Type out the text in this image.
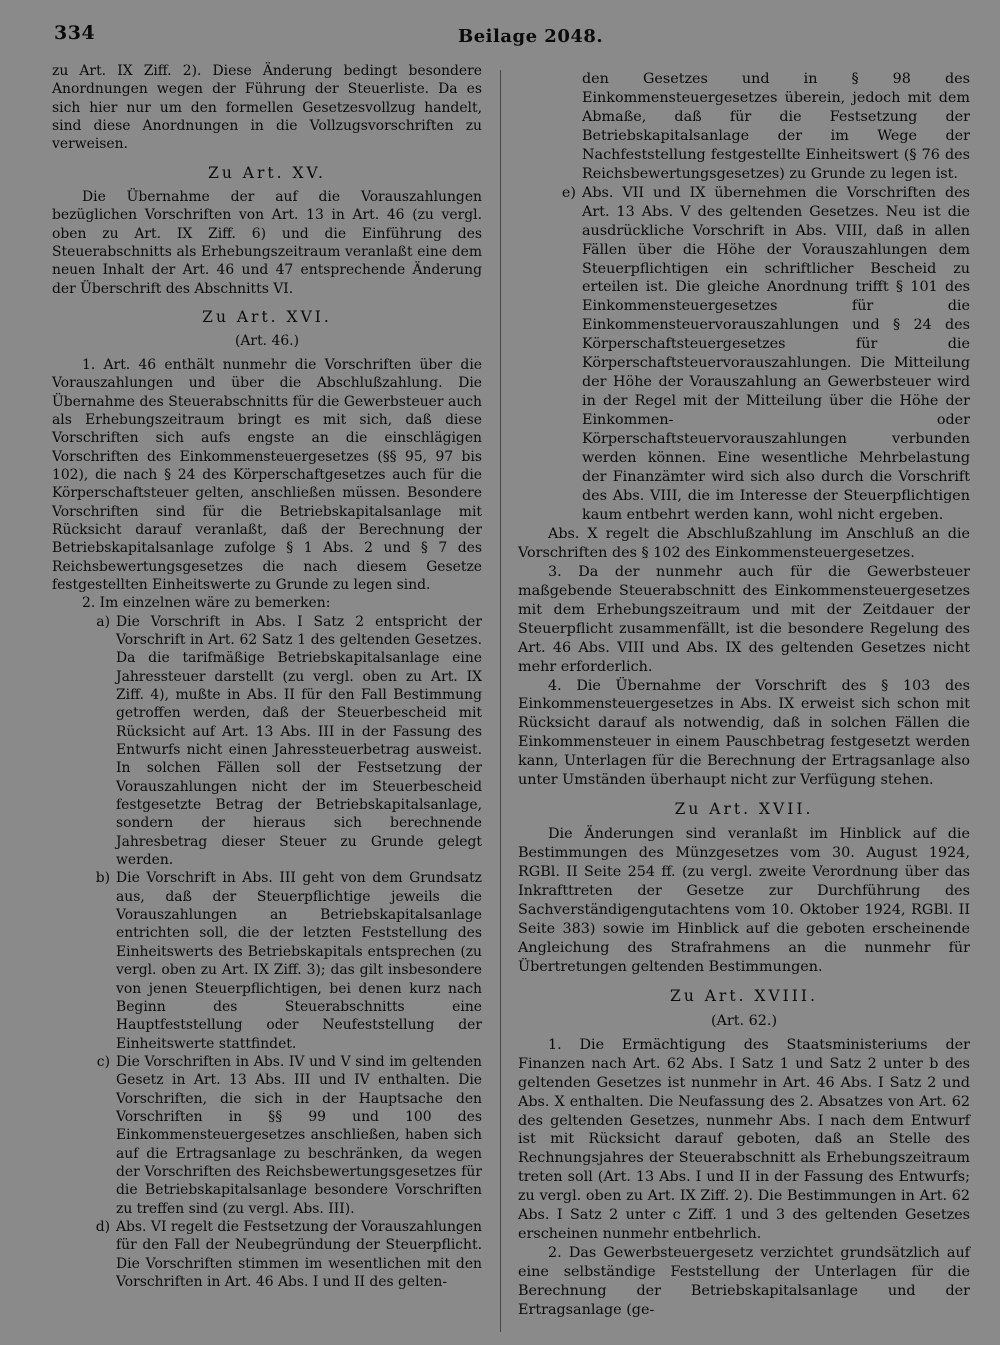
334	Beilage 2048.

zu Art. IX Ziff. 2). Diese Änderung bedingt besondere Anordnungen wegen der Führung der Steuerliste. Da es sich hier nur um den formellen Gesetzesvollzug handelt, sind diese Anordnungen in die Vollzugsvorschriften zu verweisen.

Zu Art. XV.

Die Übernahme der auf die Vorauszahlungen bezüglichen Vorschriften von Art. 13 in Art. 46 (zu vergl. oben zu Art. IX Ziff. 6) und die Einführung des Steuerabschnitts als Erhebungszeitraum veranlaßt eine dem neuen Inhalt der Art. 46 und 47 entsprechende Änderung der Überschrift des Abschnitts VI.

Zu Art. XVI.

(Art. 46.)

1. Art. 46 enthält nunmehr die Vorschriften über die Vorauszahlungen und über die Abschlußzahlung. Die Übernahme des Steuerabschnitts für die Gewerbsteuer auch als Erhebungszeitraum bringt es mit sich, daß diese Vorschriften sich aufs engste an die einschlägigen Vorschriften des Einkommensteuergesetzes (§§ 95, 97 bis 102), die nach § 24 des Körperschaftgesetzes auch für die Körperschaftsteuer gelten, anschließen müssen. Besondere Vorschriften sind für die Betriebskapitalsanlage mit Rücksicht darauf veranlaßt, daß der Berechnung der Betriebskapitalsanlage zufolge § 1 Abs. 2 und § 7 des Reichsbewertungsgesetzes die nach diesem Gesetze festgestellten Einheitswerte zu Grunde zu legen sind.

2. Im einzelnen wäre zu bemerken:

a) Die Vorschrift in Abs. I Satz 2 entspricht der Vorschrift in Art. 62 Satz 1 des geltenden Gesetzes. Da die tarifmäßige Betriebskapitalsanlage eine Jahressteuer darstellt (zu vergl. oben zu Art. IX Ziff. 4), mußte in Abs. II für den Fall Bestimmung getroffen werden, daß der Steuerbescheid mit Rücksicht auf Art. 13 Abs. III in der Fassung des Entwurfs nicht einen Jahressteuerbetrag ausweist. In solchen Fällen soll der Festsetzung der Vorauszahlungen nicht der im Steuerbescheid festgesetzte Betrag der Betriebskapitalsanlage, sondern der hieraus sich berechnende Jahresbetrag dieser Steuer zu Grunde gelegt werden.
b) Die Vorschrift in Abs. III geht von dem Grundsatz aus, daß der Steuerpflichtige jeweils die Vorauszahlungen an Betriebskapitalsanlage entrichten soll, die der letzten Feststellung des Einheitswerts des Betriebskapitals entsprechen (zu vergl. oben zu Art. IX Ziff. 3); das gilt insbesondere von jenen Steuerpflichtigen, bei denen kurz nach Beginn des Steuerabschnitts eine Hauptfeststellung oder Neufeststellung der Einheitswerte stattfindet.
c) Die Vorschriften in Abs. IV und V sind im geltenden Gesetz in Art. 13 Abs. III und IV enthalten. Die Vorschriften, die sich in der Hauptsache den Vorschriften in §§ 99 und 100 des Einkommensteuergesetzes anschließen, haben sich auf die Ertragsanlage zu beschränken, da wegen der Vorschriften des Reichsbewertungsgesetzes für die Betriebskapitalsanlage besondere Vorschriften zu treffen sind (zu vergl. Abs. III).
d) Abs. VI regelt die Festsetzung der Vorauszahlungen für den Fall der Neubegründung der Steuerpflicht. Die Vorschriften stimmen im wesentlichen mit den Vorschriften in Art. 46 Abs. I und II des gelten-
den Gesetzes und in § 98 des Einkommensteuergesetzes überein, jedoch mit dem Abmaße, daß für die Festsetzung der Betriebskapitalsanlage der im Wege der Nachfeststellung festgestellte Einheitswert (§ 76 des Reichsbewertungsgesetzes) zu Grunde zu legen ist.
e) Abs. VII und IX übernehmen die Vorschriften des Art. 13 Abs. V des geltenden Gesetzes. Neu ist die ausdrückliche Vorschrift in Abs. VIII, daß in allen Fällen über die Höhe der Vorauszahlungen dem Steuerpflichtigen ein schriftlicher Bescheid zu erteilen ist. Die gleiche Anordnung trifft § 101 des Einkommensteuergesetzes für die Einkommensteuervorauszahlungen und § 24 des Körperschaftsteuergesetzes für die Körperschaftsteuervorauszahlungen. Die Mitteilung der Höhe der Vorauszahlung an Gewerbsteuer wird in der Regel mit der Mitteilung über die Höhe der Einkommen- oder Körperschaftsteuervorauszahlungen verbunden werden können. Eine wesentliche Mehrbelastung der Finanzämter wird sich also durch die Vorschrift des Abs. VIII, die im Interesse der Steuerpflichtigen kaum entbehrt werden kann, wohl nicht ergeben.

Abs. X regelt die Abschlußzahlung im Anschluß an die Vorschriften des § 102 des Einkommensteuergesetzes.

3. Da der nunmehr auch für die Gewerbsteuer maßgebende Steuerabschnitt des Einkommensteuergesetzes mit dem Erhebungszeitraum und mit der Zeitdauer der Steuerpflicht zusammenfällt, ist die besondere Regelung des Art. 46 Abs. VIII und Abs. IX des geltenden Gesetzes nicht mehr erforderlich.

4. Die Übernahme der Vorschrift des § 103 des Einkommensteuergesetzes in Abs. IX erweist sich schon mit Rücksicht darauf als notwendig, daß in solchen Fällen die Einkommensteuer in einem Pauschbetrag festgesetzt werden kann, Unterlagen für die Berechnung der Ertragsanlage also unter Umständen überhaupt nicht zur Verfügung stehen.

Zu Art. XVII.

Die Änderungen sind veranlaßt im Hinblick auf die Bestimmungen des Münzgesetzes vom 30. August 1924, RGBl. II Seite 254 ff. (zu vergl. zweite Verordnung über das Inkrafttreten der Gesetze zur Durchführung des Sachverständigengutachtens vom 10. Oktober 1924, RGBl. II Seite 383) sowie im Hinblick auf die geboten erscheinende Angleichung des Strafrahmens an die nunmehr für Übertretungen geltenden Bestimmungen.

Zu Art. XVIII.

(Art. 62.)

1. Die Ermächtigung des Staatsministeriums der Finanzen nach Art. 62 Abs. I Satz 1 und Satz 2 unter b des geltenden Gesetzes ist nunmehr in Art. 46 Abs. I Satz 2 und Abs. X enthalten. Die Neufassung des 2. Absatzes von Art. 62 des geltenden Gesetzes, nunmehr Abs. I nach dem Entwurf ist mit Rücksicht darauf geboten, daß an Stelle des Rechnungsjahres der Steuerabschnitt als Erhebungszeitraum treten soll (Art. 13 Abs. I und II in der Fassung des Entwurfs; zu vergl. oben zu Art. IX Ziff. 2). Die Bestimmungen in Art. 62 Abs. I Satz 2 unter c Ziff. 1 und 3 des geltenden Gesetzes erscheinen nunmehr entbehrlich.

2. Das Gewerbsteuergesetz verzichtet grundsätzlich auf eine selbständige Feststellung der Unterlagen für die Berechnung der Betriebskapitalsanlage und der Ertragsanlage (ge-
